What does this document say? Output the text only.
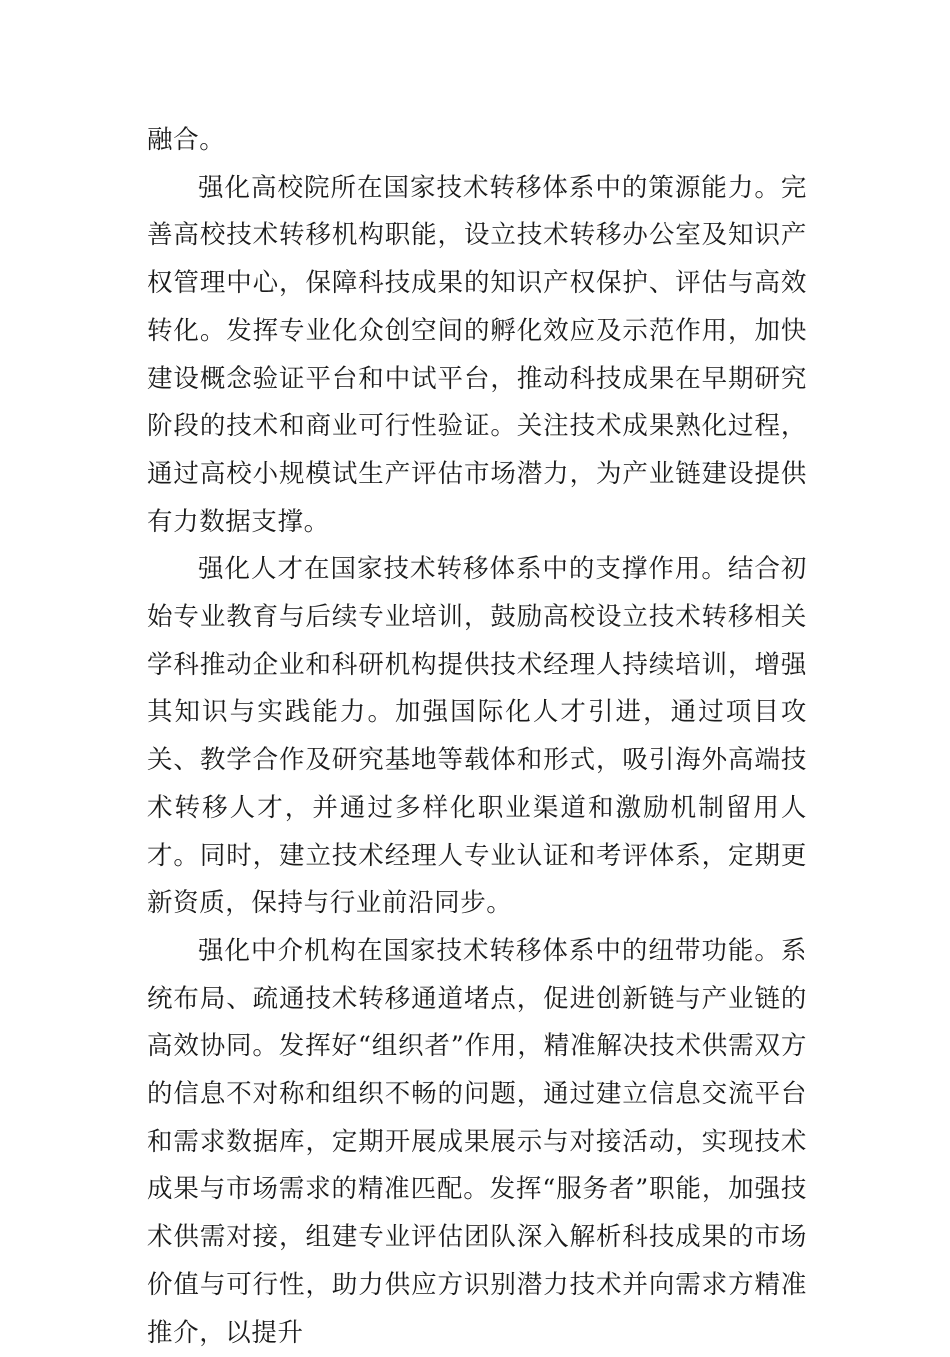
融合。

强化高校院所在国家技术转移体系中的策源能力。完善高校技术转移机构职能，设立技术转移办公室及知识产权管理中心，保障科技成果的知识产权保护、评估与高效转化。发挥专业化众创空间的孵化效应及示范作用，加快建设概念验证平台和中试平台，推动科技成果在早期研究阶段的技术和商业可行性验证。关注技术成果熟化过程，通过高校小规模试生产评估市场潜力，为产业链建设提供有力数据支撑。

强化人才在国家技术转移体系中的支撑作用。结合初始专业教育与后续专业培训，鼓励高校设立技术转移相关学科推动企业和科研机构提供技术经理人持续培训，增强其知识与实践能力。加强国际化人才引进，通过项目攻关、教学合作及研究基地等载体和形式，吸引海外高端技术转移人才，并通过多样化职业渠道和激励机制留用人才。同时，建立技术经理人专业认证和考评体系，定期更新资质，保持与行业前沿同步。

强化中介机构在国家技术转移体系中的纽带功能。系统布局、疏通技术转移通道堵点，促进创新链与产业链的高效协同。发挥好“组织者”作用，精准解决技术供需双方的信息不对称和组织不畅的问题，通过建立信息交流平台和需求数据库，定期开展成果展示与对接活动，实现技术成果与市场需求的精准匹配。发挥“服务者”职能，加强技术供需对接，组建专业评估团队深入解析科技成果的市场价值与可行性，助力供应方识别潜力技术并向需求方精准推介，以提升
